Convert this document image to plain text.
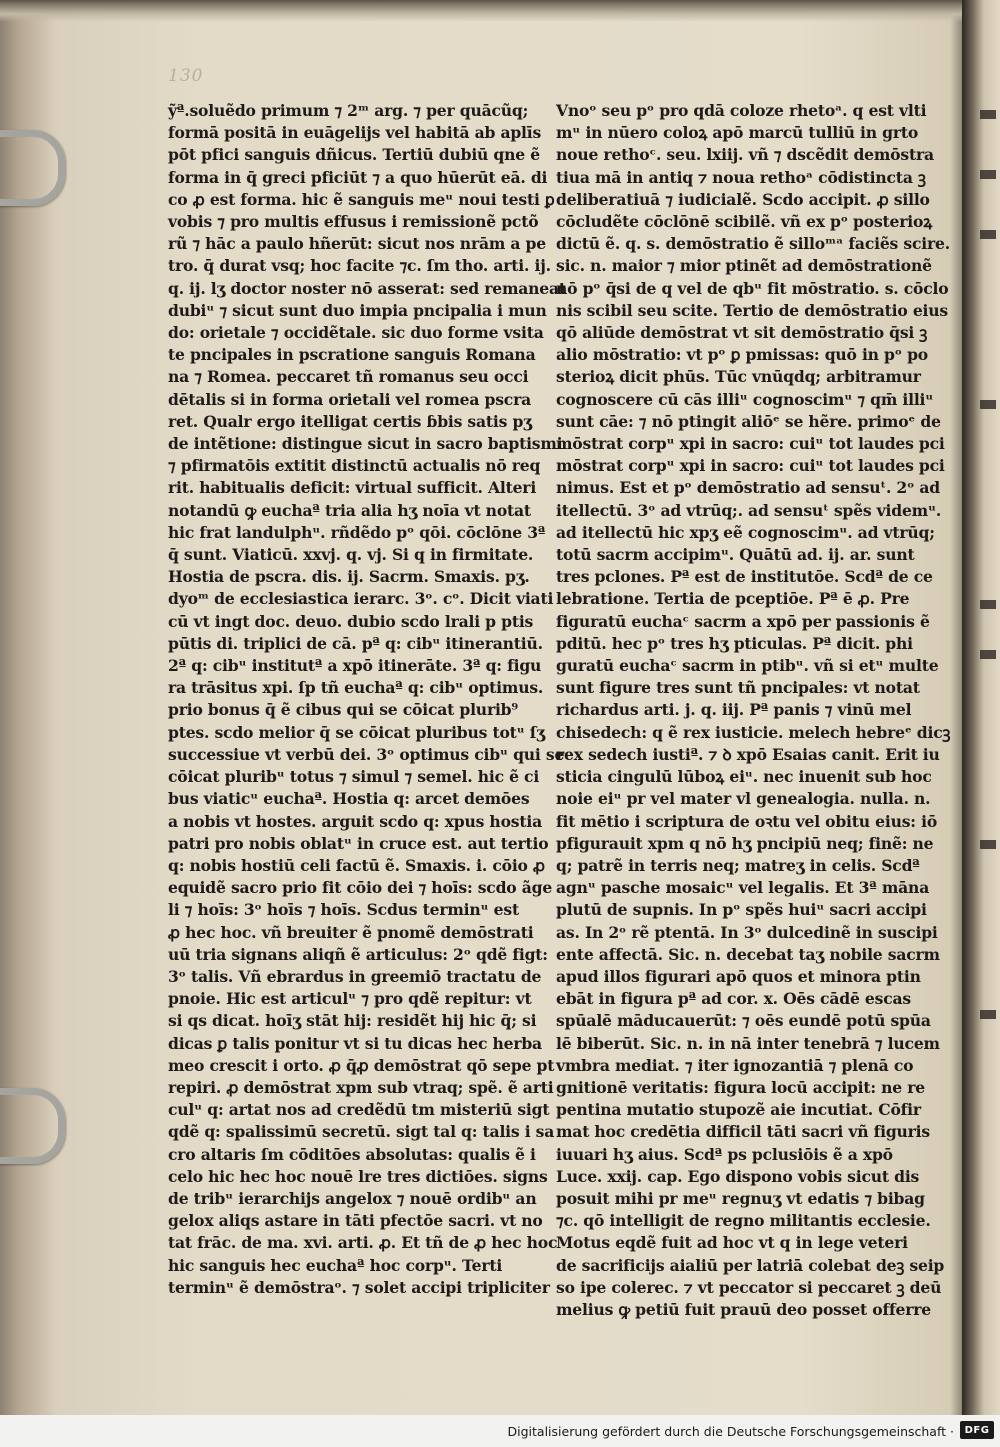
130
ỹª.soluẽdo primum ⁊ 2ᵐ arg. ⁊ per quācũq;
formā positā in euāgelijs vel habitā ab aplīs
pōt pfici sanguis dñicus. Tertiū dubiū qne ẽ
forma in q̄ greci pficiūt ⁊ a quo hūerūt eā. di
co ꝓ est forma. hic ẽ sanguis meᵘ noui testi ꝑ
vobis ⁊ pro multis effusus i remissionẽ pctõ
rũ ⁊ hāc a paulo hñerūt: sicut nos nrām a pe
tro. q̄ durat vsq; hoc facite ⁊c. ſm tho. arti. ij.
q. ij. lʒ doctor noster nō asserat: sed remaneat
dubiᵘ ⁊ sicut sunt duo impia pncipalia i mun
do: orietale ⁊ occidẽtale. sic duo forme vsita
te pncipales in pscratione sanguis Romana
na ⁊ Romea. peccaret tñ romanus seu occi
dētalis si in forma orietali vel romea pscra
ret. Qualr ergo itelligat certis ɓbis satis pʒ
de intẽtione: distingue sicut in sacro baptismi
⁊ pfirmatōis extitit distinctū actualis nō req
rit. habitualis deficit: virtual sufficit. Alteri
notandū ꝙ euchaª tria alia hʒ noīa vt notat
hic frat landulphᵘ. rñdẽdo pᵒ qōi. cōclōne 3ª
q̄ sunt. Viaticū. xxvj. q. vj. Si q in firmitate.
Hostia de pscra. dis. ij. Sacrm. Smaxis. pʒ.
dyoᵐ de ecclesiastica ierarc. 3ᵒ. cᵒ. Dicit viati
cū vt ingt doc. deuo. dubio scdo lrali p ptis
pūtis di. triplici de cā. pª q: cibᵘ itinerantiū.
2ª q: cibᵘ institutª a xpō itinerāte. 3ª q: figu
ra trāsitus xpi. ſp tñ euchaª q: cibᵘ optimus.
prio bonus q̄ ẽ cibus qui se cōicat plurib⁹
ptes. scdo melior q̄ se cōicat pluribus totᵘ ſʒ
successiue vt verbū dei. 3ᵒ optimus cibᵘ qui se
cōicat pluribᵘ totus ⁊ simul ⁊ semel. hic ẽ ci
bus viaticᵘ euchaª. Hostia q: arcet demōes
a nobis vt hostes. arguit scdo q: xpus hostia
patri pro nobis oblatᵘ in cruce est. aut tertio
q: nobis hostiū celi factū ẽ. Smaxis. i. cōio ꝓ
equidẽ sacro prio fit cōio dei ⁊ hoīs: scdo ãge
li ⁊ hoīs: 3ᵒ hoīs ⁊ hoīs. Scdus terminᵘ est
ꝓ hec hoc. vñ breuiter ẽ pnomẽ demōstrati
uū tria signans aliqñ ẽ articulus: 2ᵒ qdẽ figt:
3ᵒ talis. Vñ ebrardus in greemiō tractatu de
pnoie. Hic est articulᵘ ⁊ pro qdẽ repitur: vt
si qs dicat. hoīʒ stāt hij: residẽt hij hic q̄; si
dicas ꝑ talis ponitur vt si tu dicas hec herba
meo crescit i orto. ꝓ q̄ꝓ demōstrat qō sepe pt
repiri. ꝓ demōstrat xpm sub vtraq; spẽ. ẽ arti
culᵘ q: artat nos ad credẽdū tm misteriū sigt
qdẽ q: spalissimū secretū. sigt tal q: talis i sa
cro altaris ſm cōditōes absolutas: qualis ẽ i
celo hic hec hoc nouē lre tres dictiōes. signs
de tribᵘ ierarchijs angelox ⁊ nouē ordibᵘ an
gelox aliqs astare in tāti pfectōe sacri. vt no
tat frāc. de ma. xvi. arti. ꝓ. Et tñ de ꝓ hec hoc
hic sanguis hec euchaª hoc corpᵘ. Terti
terminᵘ ẽ demōstraᵒ. ⁊ solet accipi tripliciter
Vnoᵒ seu pᵒ pro qdā coloze rhetoᵃ. q est vlti
mᵘ in nūero coloꝝ apō marcū tulliū in grto
noue rethoᶜ. seu. lxiij. vñ ⁊ dscẽdit demōstra
tiua mā in antiq ⁊ noua rethoᵃ cōdistincta ꝫ
deliberatiuā ⁊ iudicialẽ. Scdo accipit. ꝓ sillo
cōcludẽte cōclōnē scibilẽ. vñ ex pᵒ posterioꝝ
dictū ẽ. q. s. demōstratio ẽ silloᵐᵃ faciẽs scire.
sic. n. maior ⁊ mior ptinẽt ad demōstrationẽ
nō pᵒ q̄si de q vel de qbᵘ fit mōstratio. s. cōclo
nis scibil seu scite. Tertio de demōstratio eius
qō aliūde demōstrat vt sit demōstratio q̄si ꝫ
alio mōstratio: vt pᵒ ꝑ pmissas: quō in pᵒ po
sterioꝝ dicit phūs. Tūc vnūqdq; arbitramur
cognoscere cū cās illiᵘ cognoscimᵘ ⁊ qm̄ illiᵘ
sunt cāe: ⁊ nō ptingit aliōᵉ se hẽre. primoᵉ de
mōstrat corpᵘ xpi in sacro: cuiᵘ tot laudes pci
mōstrat corpᵘ xpi in sacro: cuiᵘ tot laudes pci
nimus. Est et pᵒ demōstratio ad sensuᵗ. 2ᵒ ad
itellectū. 3ᵒ ad vtrūq;. ad sensuᵗ spẽs videmᵘ.
ad itellectū hic xpʒ eẽ cognoscimᵘ. ad vtrūq;
totū sacrm accipimᵘ. Quātū ad. ij. ar. sunt
tres pclones. Pª est de institutōe. Scdª de ce
lebratione. Tertia de pceptiōe. Pª ē ꝓ. Pre
figuratū euchaᶜ sacrm a xpō per passionis ẽ
pditū. hec pᵒ tres hʒ pticulas. Pª dicit. phi
guratū euchaᶜ sacrm in ptibᵘ. vñ si etᵘ multe
sunt figure tres sunt tñ pncipales: vt notat
richardus arti. j. q. iij. Pª panis ⁊ vinū mel
chisedech: q ẽ rex iusticie. melech hebreᵉ dicꝫ
rex sedech iustiª. ⁊ ꝺ xpō Esaias canit. Erit iu
sticia cingulū lūboꝝ eiᵘ. nec inuenit sub hoc
noie eiᵘ pr vel mater vl genealogia. nulla. n.
fit mētio i scriptura de oꝛtu vel obitu eius: iō
pfigurauit xpm q nō hʒ pncipiū neq; finẽ: ne
q; patrẽ in terris neq; matreʒ in celis. Scdª
agnᵘ pasche mosaicᵘ vel legalis. Et 3ª māna
plutū de supnis. In pᵒ spẽs huiᵘ sacri accipi
as. In 2ᵒ rẽ ptentā. In 3ᵒ dulcedinẽ in suscipi
ente affectā. Sic. n. decebat taʒ nobile sacrm
apud illos figurari apō quos et minora ptin
ebāt in figura pª ad cor. x. Oēs cādē escas
spūalē māducauerūt: ⁊ oēs eundē potū spūa
lē biberūt. Sic. n. in nā inter tenebrā ⁊ lucem
vmbra mediat. ⁊ iter ignozantiā ⁊ plenā co
gnitionē veritatis: figura locū accipit: ne re
pentina mutatio stupozẽ aie incutiat. Cōfir
mat hoc credētia difficil tāti sacri vñ figuris
iuuari hʒ aius. Scdª ps pclusiōis ẽ a xpō
Luce. xxij. cap. Ego dispono vobis sicut dis
posuit mihi pr meᵘ regnuʒ vt edatis ⁊ bibag
⁊c. qō intelligit de regno militantis ecclesie.
Motus eqdẽ fuit ad hoc vt q in lege veteri
de sacrificijs aialiū per latriā colebat deꝫ seip
so ipe colerec. ⁊ vt peccator si peccaret ꝫ deū
melius ꝙ petiū fuit prauū deo posset offerre
Digitalisierung gefördert durch die Deutsche Forschungsgemeinschaft ·	DFG
